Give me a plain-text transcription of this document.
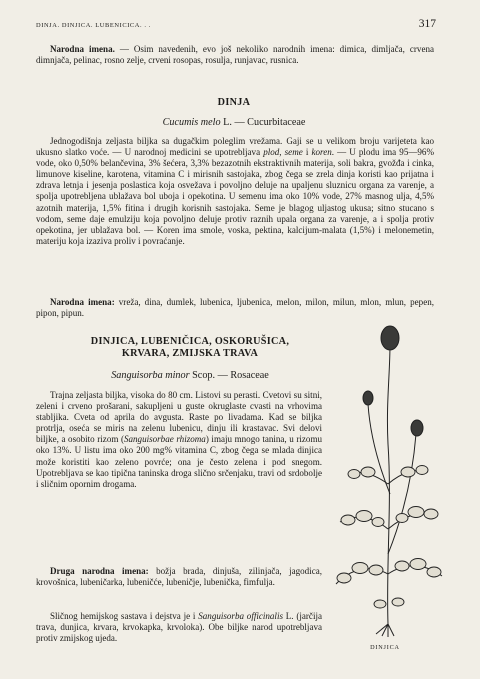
DINJA. DINJICA. LUBENICICA. . .	317

Narodna imena. — Osim navedenih, evo još nekoliko narodnih imena: dimica, dimljača, crvena dimnjača, pelinac, rosno zelje, crveni rosopas, rosulja, runjavac, rusnica.

DINJA
Cucumis melo L. — Cucurbitaceae

Jednogodišnja zeljasta biljka sa dugačkim poleglim vrežama. Gaji se u velikom broju varijeteta kao ukusno slatko voće. — U narodnoj medicini se upotrebljava plod, seme i koren. — U plodu ima 95—96% vode, oko 0,50% belančevina, 3% šećera, 3,3% bezazotnih ekstraktivnih materija, soli bakra, gvožđa i cinka, limunove kiseline, karotena, vitamina C i mirisnih sastojaka, zbog čega se zrela dinja koristi kao prijatna i zdrava letnja i jesenja poslastica koja osvežava i povoljno deluje na upaljenu sluznicu organa za varenje, a spolja upotrebljena ublažava bol uboja i opekotina. U semenu ima oko 10% vode, 27% masnog ulja, 4,5% azotnih materija, 1,5% fitina i drugih korisnih sastojaka. Seme je blagog uljastog ukusa; sitno stucano s vodom, seme daje emulziju koja povoljno deluje protiv raznih upala organa za varenje, a i spolja protiv opekotina, jer ublažava bol. — Koren ima smole, voska, pektina, kalcijum-malata (1,5%) i melonemetin, materiju koja izaziva proliv i povraćanje.

Narodna imena: vreža, dina, dumlek, lubenica, ljubenica, melon, milon, milun, mlon, mlun, pepen, pipon, pipun.

DINJICA, LUBENIČICA, OSKORUŠICA,
KRVARA, ZMIJSKA TRAVA
Sanguisorba minor Scop. — Rosaceae

Trajna zeljasta biljka, visoka do 80 cm. Listovi su perasti. Cvetovi su sitni, zeleni i crveno prošarani, sakupljeni u guste okruglaste cvasti na vrhovima stabljika. Cveta od aprila do avgusta. Raste po livadama. Kad se biljka protrlja, oseća se miris na zelenu lubenicu, dinju ili krastavac. Svi delovi biljke, a osobito rizom (Sanguisorbae rhizoma) imaju mnogo tanina, u rizomu oko 13%. U listu ima oko 200 mg% vitamina C, zbog čega se mlada dinjica može koristiti kao zeleno povrće; ona je često zelena i pod snegom. Upotrebljava se kao tipična taninska droga slično srčenjaku, travi od srdobolje i sličnim opornim drogama.

Druga narodna imena: božja brada, dinjuša, zilinjača, jagodica, krovošnica, lubeničarka, lubeničće, lubeničje, lubenička, fimfulja.

Sličnog hemijskog sastava i dejstva je i Sanguisorba officinalis L. (jarčija trava, dunjica, krvara, krvokapka, krvoloka). Obe biljke narod upotrebljava protiv zmijskog ujeda.

DINJICA
